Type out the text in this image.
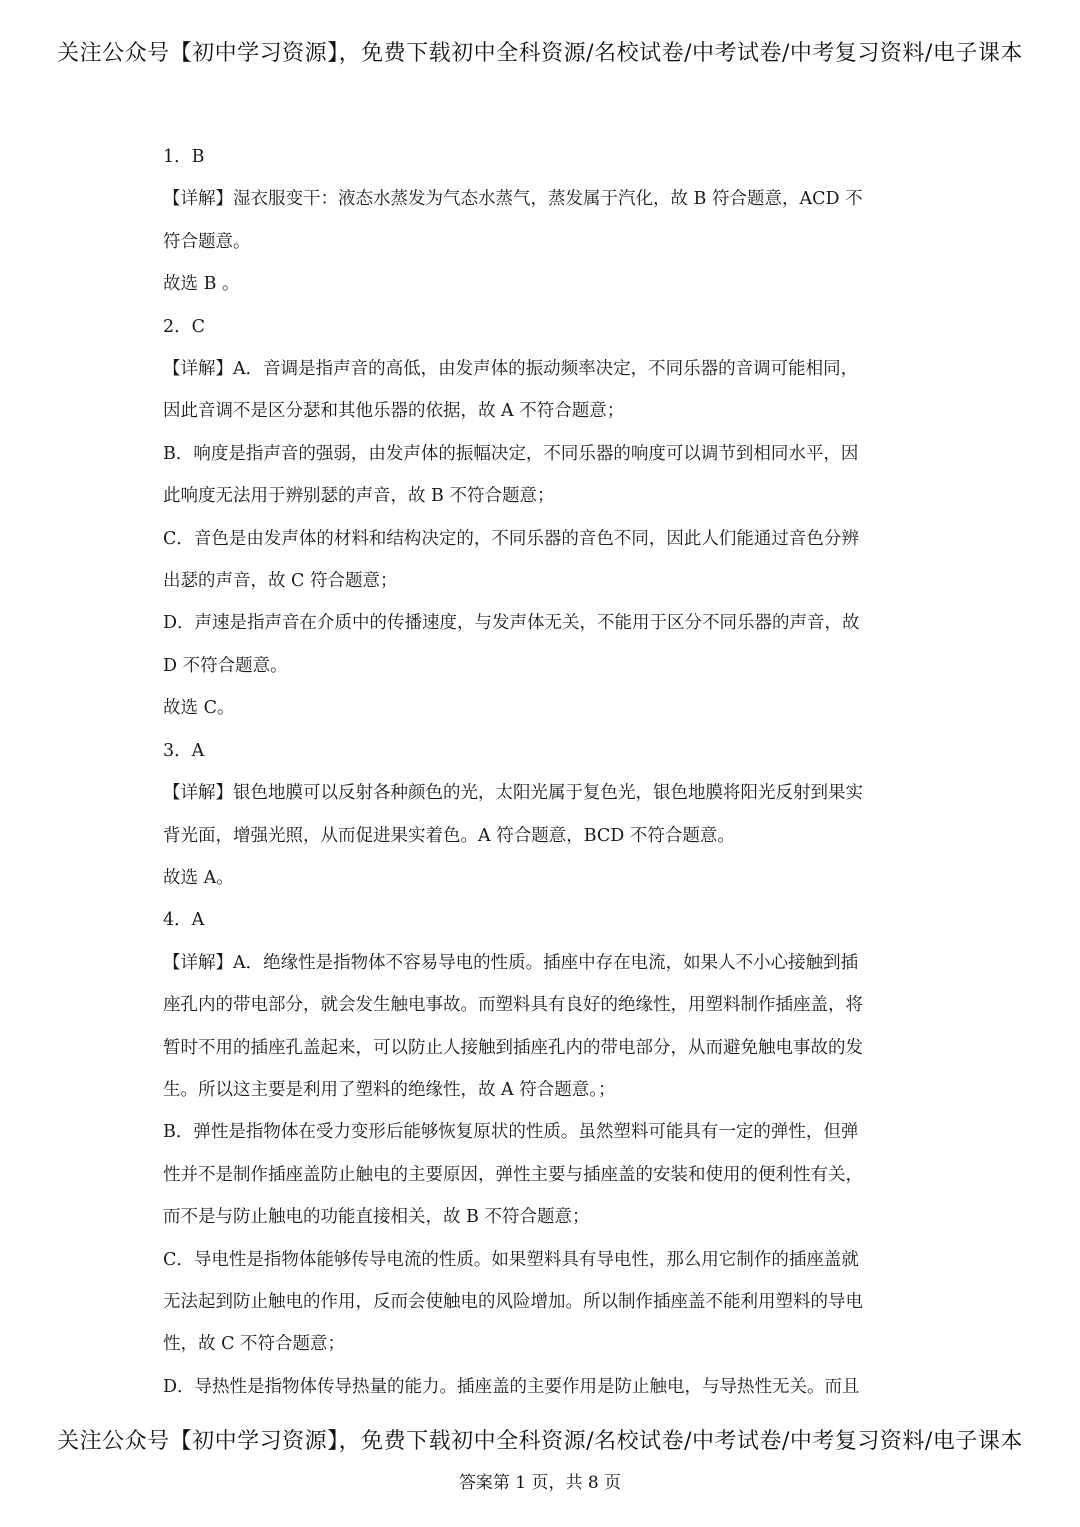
关注公众号【初中学习资源】，免费下载初中全科资源/名校试卷/中考试卷/中考复习资料/电子课本
1．B
【详解】湿衣服变干：液态水蒸发为气态水蒸气，蒸发属于汽化，故 B 符合题意，ACD 不
符合题意。
故选 B 。
2．C
【详解】A．音调是指声音的高低，由发声体的振动频率决定，不同乐器的音调可能相同，
因此音调不是区分瑟和其他乐器的依据，故 A 不符合题意；
B．响度是指声音的强弱，由发声体的振幅决定，不同乐器的响度可以调节到相同水平，因
此响度无法用于辨别瑟的声音，故 B 不符合题意；
C．音色是由发声体的材料和结构决定的，不同乐器的音色不同，因此人们能通过音色分辨
出瑟的声音，故 C 符合题意；
D．声速是指声音在介质中的传播速度，与发声体无关，不能用于区分不同乐器的声音，故
D 不符合题意。
故选 C。
3．A
【详解】银色地膜可以反射各种颜色的光，太阳光属于复色光，银色地膜将阳光反射到果实
背光面，增强光照，从而促进果实着色。A 符合题意，BCD 不符合题意。
故选 A。
4．A
【详解】A．绝缘性是指物体不容易导电的性质。插座中存在电流，如果人不小心接触到插
座孔内的带电部分，就会发生触电事故。而塑料具有良好的绝缘性，用塑料制作插座盖，将
暂时不用的插座孔盖起来，可以防止人接触到插座孔内的带电部分，从而避免触电事故的发
生。所以这主要是利用了塑料的绝缘性，故 A 符合题意。；
B．弹性是指物体在受力变形后能够恢复原状的性质。虽然塑料可能具有一定的弹性，但弹
性并不是制作插座盖防止触电的主要原因，弹性主要与插座盖的安装和使用的便利性有关，
而不是与防止触电的功能直接相关，故 B 不符合题意；
C．导电性是指物体能够传导电流的性质。如果塑料具有导电性，那么用它制作的插座盖就
无法起到防止触电的作用，反而会使触电的风险增加。所以制作插座盖不能利用塑料的导电
性，故 C 不符合题意；
D．导热性是指物体传导热量的能力。插座盖的主要作用是防止触电，与导热性无关。而且
关注公众号【初中学习资源】，免费下载初中全科资源/名校试卷/中考试卷/中考复习资料/电子课本
答案第 1 页，共 8 页
